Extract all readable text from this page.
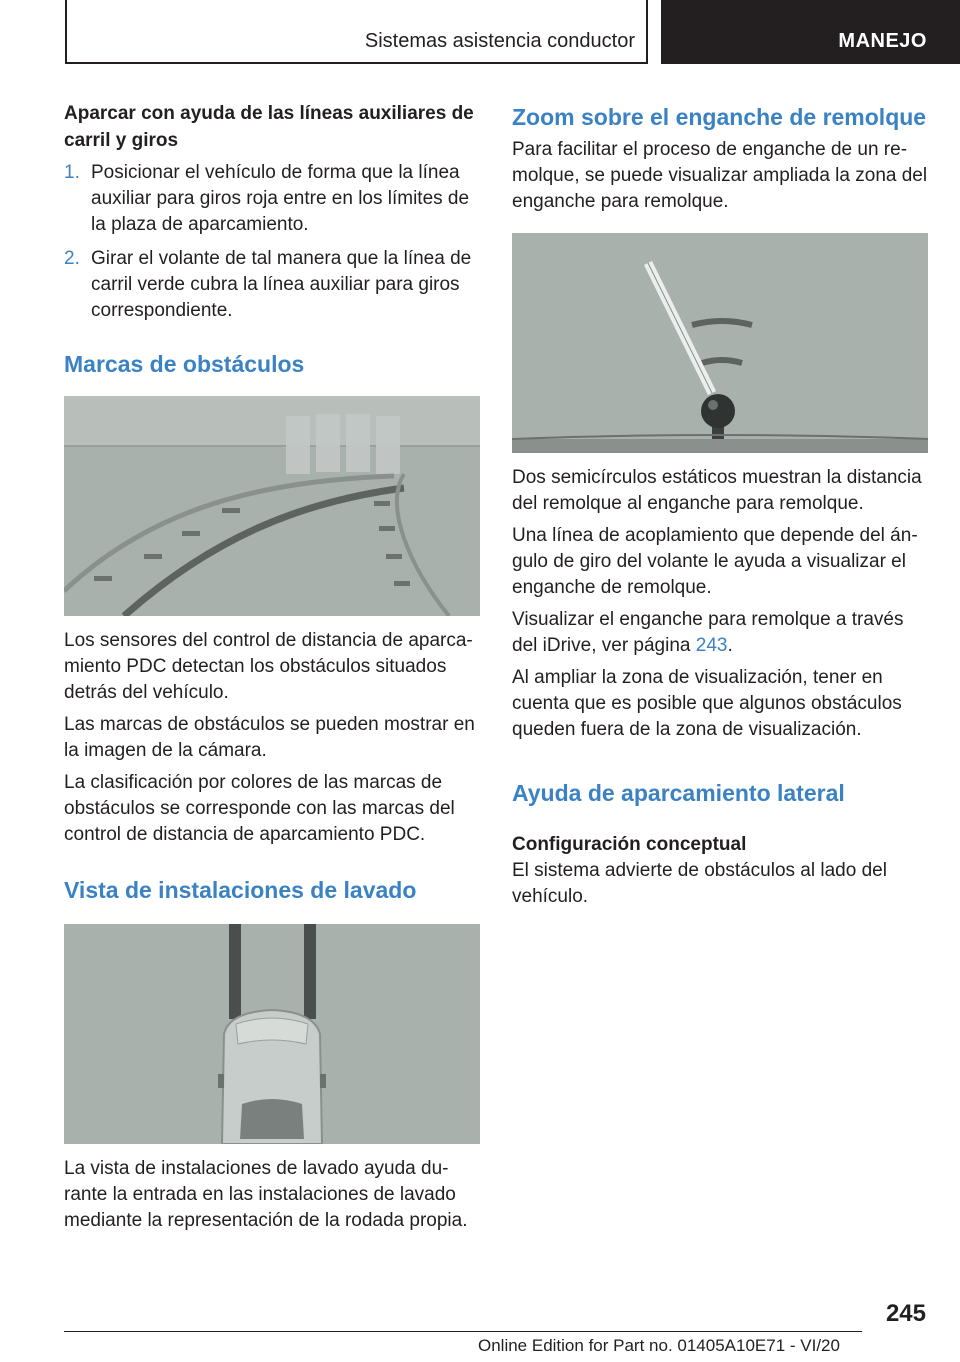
Sistemas asistencia conductor	MANEJO
Aparcar con ayuda de las líneas auxiliares de carril y giros
1. Posicionar el vehículo de forma que la línea auxiliar para giros roja entre en los límites de la plaza de aparcamiento.
2. Girar el volante de tal manera que la línea de carril verde cubra la línea auxiliar para giros correspondiente.
Marcas de obstáculos

Los sensores del control de distancia de aparca-miento PDC detectan los obstáculos situados detrás del vehículo.

Las marcas de obstáculos se pueden mostrar en la imagen de la cámara.

La clasificación por colores de las marcas de obstáculos se corresponde con las marcas del control de distancia de aparcamiento PDC.

Vista de instalaciones de lavado

La vista de instalaciones de lavado ayuda du-rante la entrada en las instalaciones de lavado mediante la representación de la rodada propia.

Zoom sobre el enganche de remolque

Para facilitar el proceso de enganche de un re-molque, se puede visualizar ampliada la zona del enganche para remolque.

Dos semicírculos estáticos muestran la distancia del remolque al enganche para remolque.

Una línea de acoplamiento que depende del án-gulo de giro del volante le ayuda a visualizar el enganche de remolque.

Visualizar el enganche para remolque a través del iDrive, ver página 243.

Al ampliar la zona de visualización, tener en cuenta que es posible que algunos obstáculos queden fuera de la zona de visualización.

Ayuda de aparcamiento lateral
Configuración conceptual

El sistema advierte de obstáculos al lado del vehículo.

245
Online Edition for Part no. 01405A10E71 - VI/20
